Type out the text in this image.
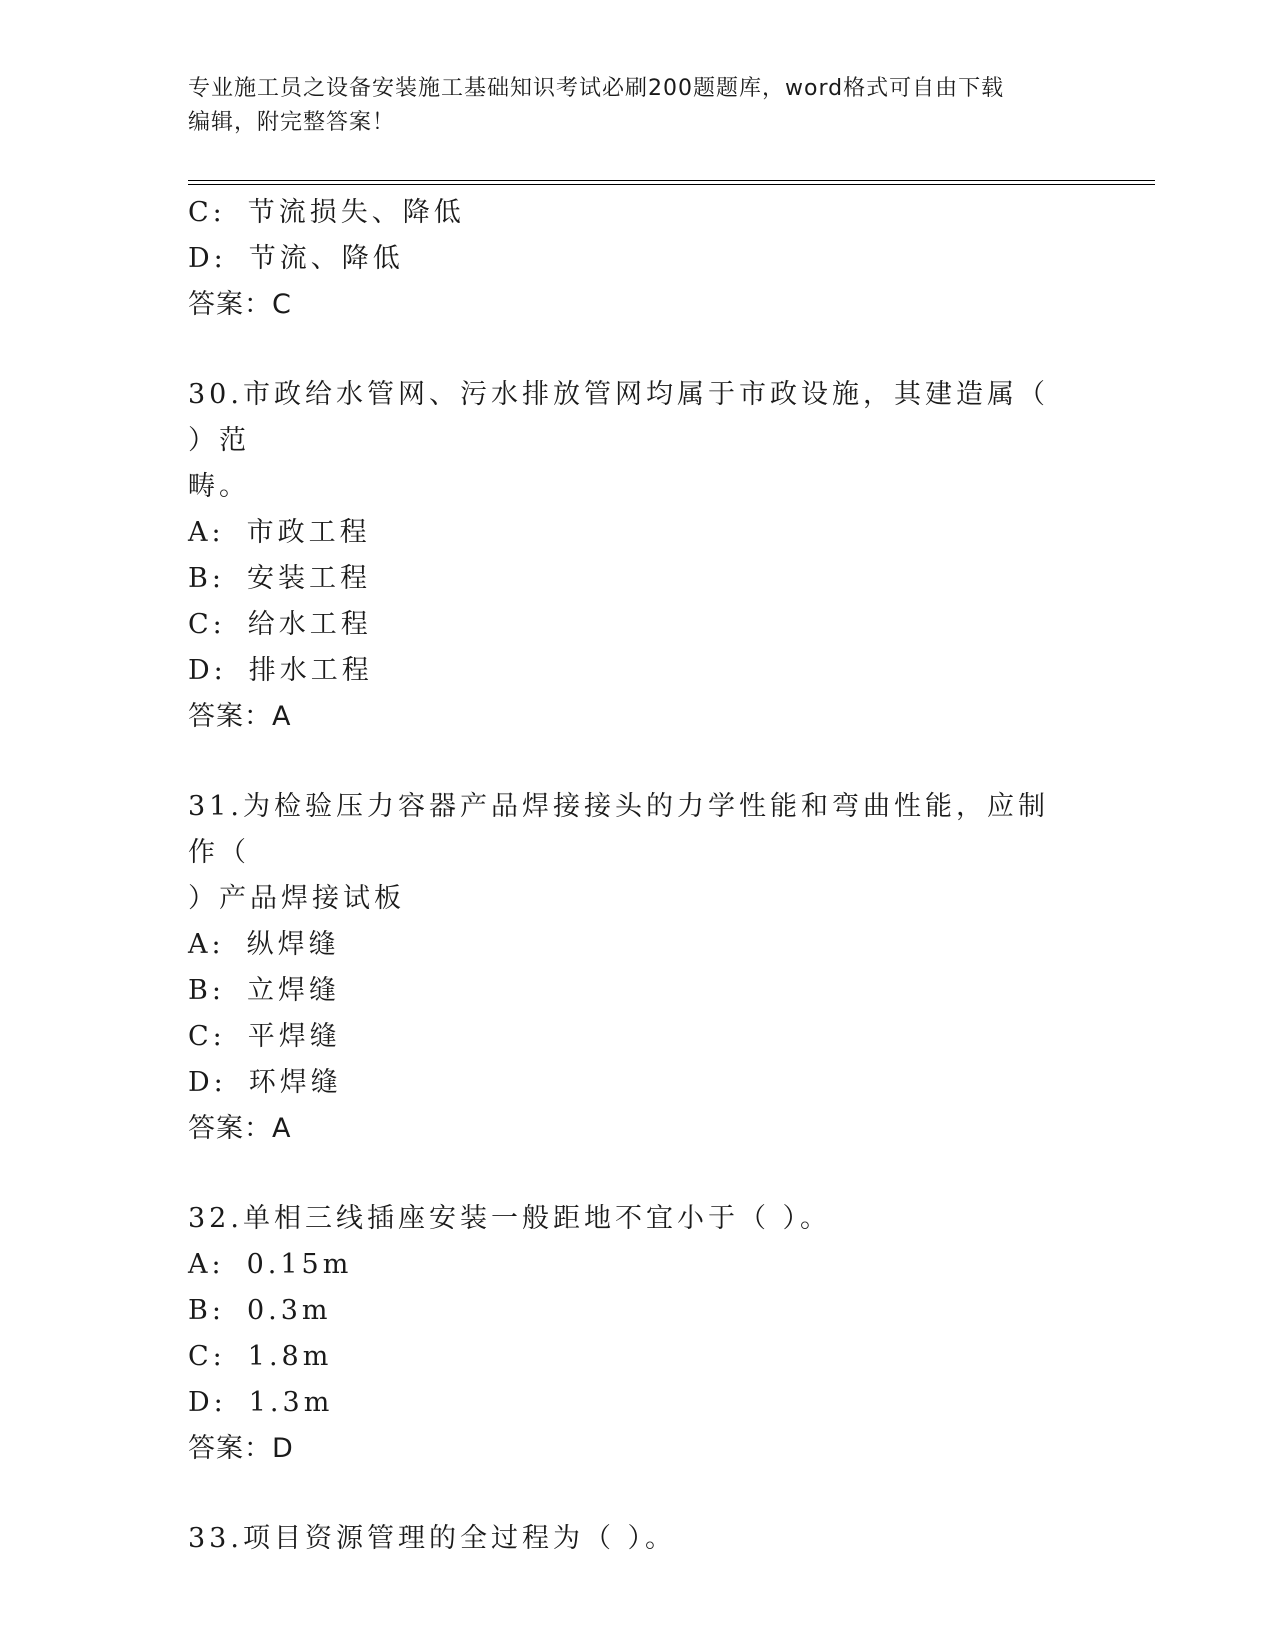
专业施工员之设备安装施工基础知识考试必刷200题题库，word格式可自由下载
编辑，附完整答案！
C: 节流损失、降低
D: 节流、降低
答案：C
30.市政给水管网、污水排放管网均属于市政设施，其建造属（ ）范
畴。
A: 市政工程
B: 安装工程
C: 给水工程
D: 排水工程
答案：A
31.为检验压力容器产品焊接接头的力学性能和弯曲性能，应制作（
）产品焊接试板
A: 纵焊缝
B: 立焊缝
C: 平焊缝
D: 环焊缝
答案：A
32.单相三线插座安装一般距地不宜小于（ ）。
A: 0.15m
B: 0.3m
C: 1.8m
D: 1.3m
答案：D
33.项目资源管理的全过程为（ ）。
